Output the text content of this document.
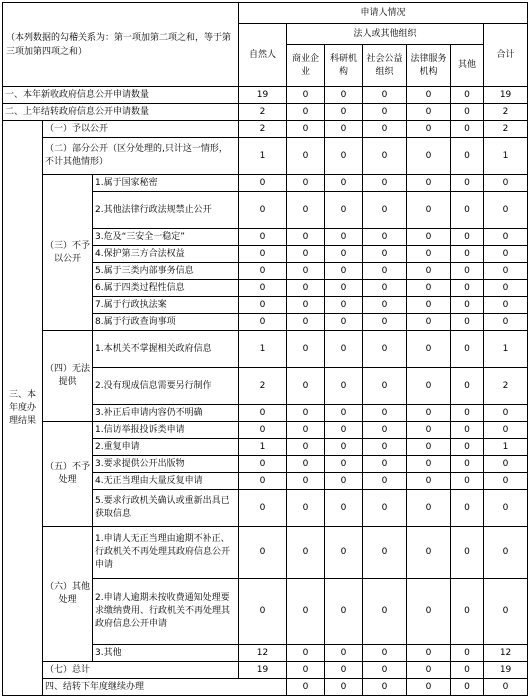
（本列数据的勾稽关系为：第一项加第二项之和，等于第三项加第四项之和）			申请人情况							
			自然人	法人或其他组织					合计	
				商业企业	科研机构	社会公益组织	法律服务机构	其他		
一、本年新收政府信息公开申请数量			19	0	0	0	0	0	19	
二、上年结转政府信息公开申请数量			2	0	0	0	0	0	2	
三、本年度办理结果	（一）予以公开		2	0	0	0	0	0	2	
	（二）部分公开（区分处理的,只计这一情形，不计其他情形）		1	0	0	0	0	0	1	
	（三）不予以公开	1.属于国家秘密	0	0	0	0	0	0	0	
		2.其他法律行政法规禁止公开	0	0	0	0	0	0	0	
		3.危及“三安全一稳定”	0	0	0	0	0	0	0	
		4.保护第三方合法权益	0	0	0	0	0	0	0	
		5.属于三类内部事务信息	0	0	0	0	0	0	0	
		6.属于四类过程性信息	0	0	0	0	0	0	0	
		7.属于行政执法案	0	0	0	0	0	0	0	
		8.属于行政查询事项	0	0	0	0	0	0	0	
	（四）无法提供	1.本机关不掌握相关政府信息	1	0	0	0	0	0	1	
		2.没有现成信息需要另行制作	2	0	0	0	0	0	2	
		3.补正后申请内容仍不明确	0	0	0	0	0	0	0	
	（五）不予处理	1.信访举报投诉类申请	0	0	0	0	0	0	0	
		2.重复申请	1	0	0	0	0	0	1	
		3.要求提供公开出版物	0	0	0	0	0	0	0	
		4.无正当理由大量反复申请	0	0	0	0	0	0	0	
		5.要求行政机关确认或重新出具已获取信息	0	0	0	0	0	0	0	
	（六）其他处理	1.申请人无正当理由逾期不补正、行政机关不再处理其政府信息公开申请	0	0	0	0	0	0	0	
		2.申请人逾期未按收费通知处理要求缴纳费用、行政机关不再处理其政府信息公开申请	0	0	0	0	0	0	0	
		3.其他	12	0	0	0	0	0	12	
	（七）总计		19	0	0	0	0	0	19	
	四、结转下年度继续办理			0	0	0	0	0	0	
